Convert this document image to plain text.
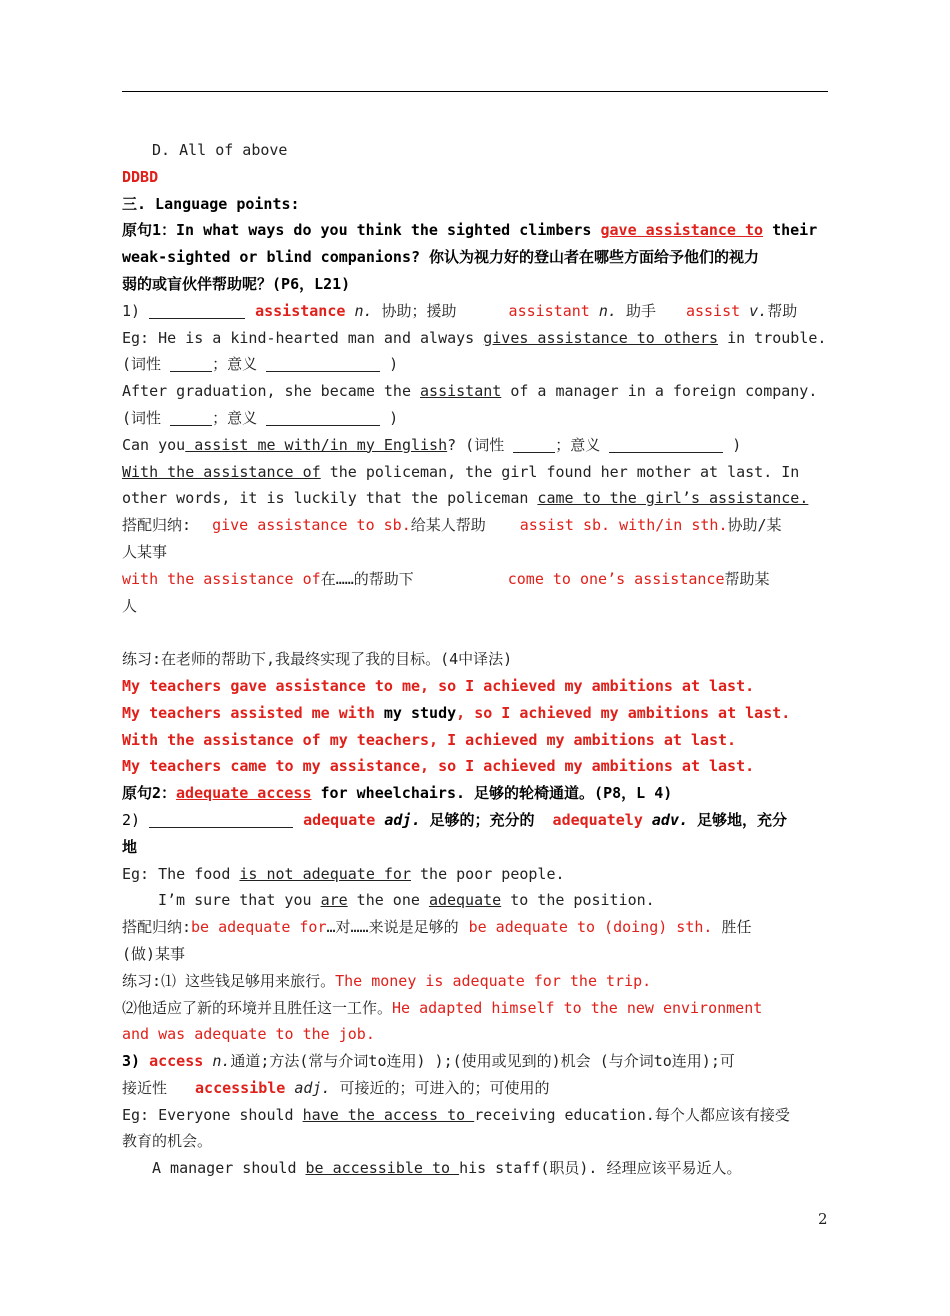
D. All of above
DDBD
三. Language points:
原句1：In what ways do you think the sighted climbers gave assistance to their
weak-sighted or blind companions? 你认为视力好的登山者在哪些方面给予他们的视力
弱的或盲伙伴帮助呢？(P6，L21)
1)	assistance n. 协助；援助	assistant n. 助手 assist v.帮助
Eg: He is a kind-hearted man and always gives assistance to others in trouble.
(词性	；意义	)
After graduation, she became the assistant of a manager in a foreign company.
(词性	；意义	)
Can you assist me with/in my English? (词性	；意义	)
With the assistance of the policeman, the girl found her mother at last. In
other words, it is luckily that the policeman came to the girl’s assistance.
搭配归纳: give assistance to sb.给某人帮助 assist sb. with/in sth.协助/某
人某事
with the assistance of在……的帮助下	come to one’s assistance帮助某
人
练习:在老师的帮助下,我最终实现了我的目标。(4中译法)
My teachers gave assistance to me, so I achieved my ambitions at last.
My teachers assisted me with my study, so I achieved my ambitions at last.
With the assistance of my teachers, I achieved my ambitions at last.
My teachers came to my assistance, so I achieved my ambitions at last.
原句2：adequate access for wheelchairs. 足够的轮椅通道。(P8，L 4)
2)	adequate adj. 足够的；充分的 adequately adv. 足够地，充分
地
Eg: The food is not adequate for the poor people.
I’m sure that you are the one adequate to the position.
搭配归纳:be adequate for…对……来说是足够的 be adequate to (doing) sth. 胜任
(做)某事
练习:⑴ 这些钱足够用来旅行。The money is adequate for the trip.
⑵他适应了新的环境并且胜任这一工作。He adapted himself to the new environment
and was adequate to the job.
3) access n.通道;方法(常与介词to连用) );(使用或见到的)机会 (与介词to连用);可
接近性 accessible adj. 可接近的；可进入的；可使用的
Eg: Everyone should have the access to receiving education.每个人都应该有接受
教育的机会。
A manager should be accessible to his staff(职员). 经理应该平易近人。
2
